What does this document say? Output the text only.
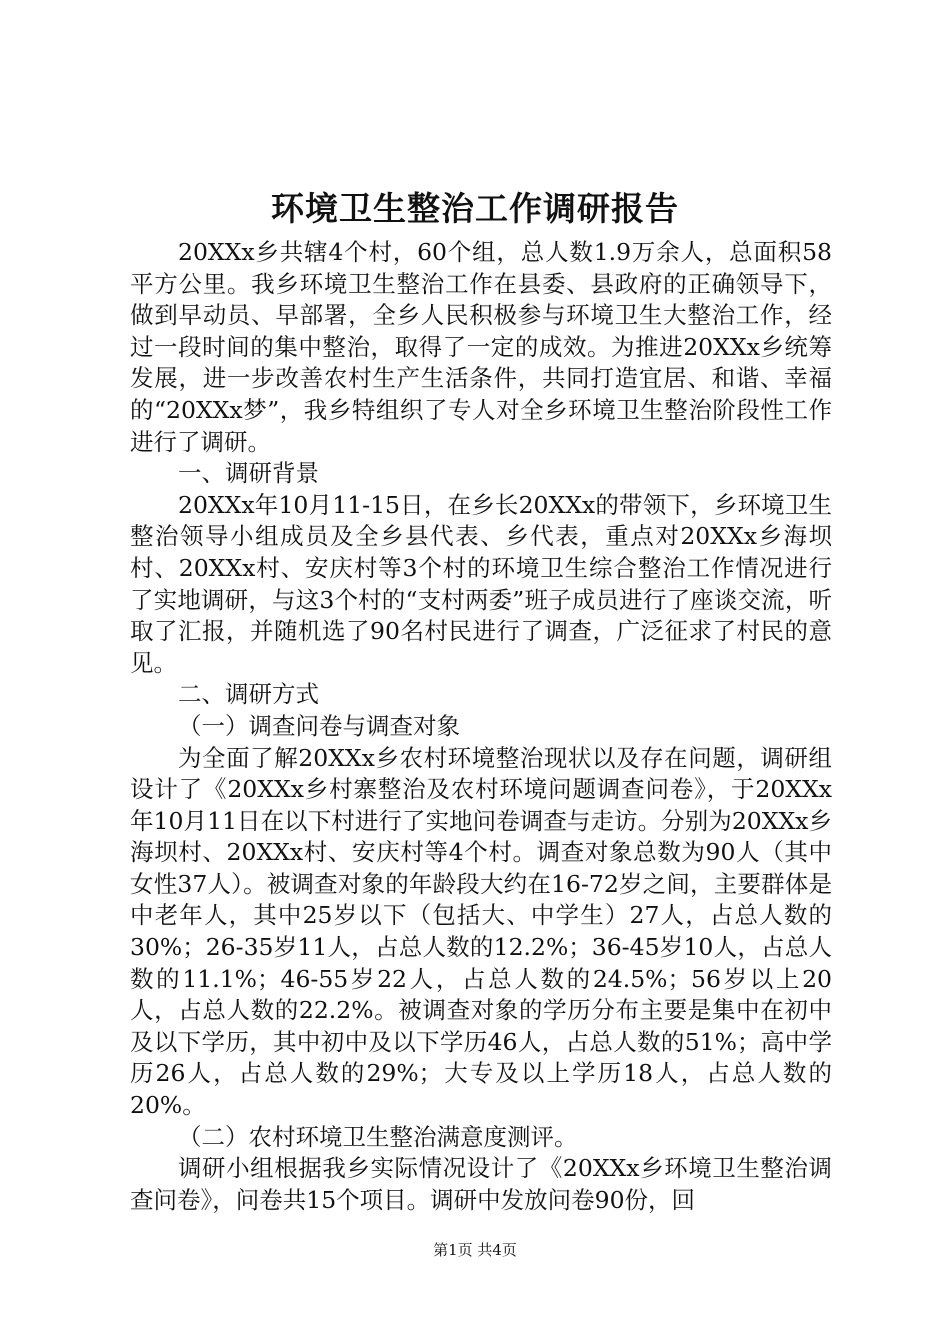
环境卫生整治工作调研报告

20XXx乡共辖4个村，60个组，总人数1.9万余人，总面积58平方公里。我乡环境卫生整治工作在县委、县政府的正确领导下，做到早动员、早部署，全乡人民积极参与环境卫生大整治工作，经过一段时间的集中整治，取得了一定的成效。为推进20XXx乡统筹发展，进一步改善农村生产生活条件，共同打造宜居、和谐、幸福的“20XXx梦”，我乡特组织了专人对全乡环境卫生整治阶段性工作进行了调研。

一、调研背景

20XXx年10月11-15日，在乡长20XXx的带领下，乡环境卫生整治领导小组成员及全乡县代表、乡代表，重点对20XXx乡海坝村、20XXx村、安庆村等3个村的环境卫生综合整治工作情况进行了实地调研，与这3个村的“支村两委”班子成员进行了座谈交流，听取了汇报，并随机选了90名村民进行了调查，广泛征求了村民的意见。

二、调研方式

（一）调查问卷与调查对象

为全面了解20XXx乡农村环境整治现状以及存在问题，调研组设计了《20XXx乡村寨整治及农村环境问题调查问卷》，于20XXx年10月11日在以下村进行了实地问卷调查与走访。分别为20XXx乡海坝村、20XXx村、安庆村等4个村。调查对象总数为90人（其中女性37人）。被调查对象的年龄段大约在16-72岁之间，主要群体是中老年人，其中25岁以下（包括大、中学生）27人，占总人数的30%；26-35岁11人，占总人数的12.2%；36-45岁10人，占总人数的11.1%；46-55岁22人，占总人数的24.5%；56岁以上20人，占总人数的22.2%。被调查对象的学历分布主要是集中在初中及以下学历，其中初中及以下学历46人，占总人数的51%；高中学历26人，占总人数的29%；大专及以上学历18人，占总人数的20%。

（二）农村环境卫生整治满意度测评。

调研小组根据我乡实际情况设计了《20XXx乡环境卫生整治调查问卷》，问卷共15个项目。调研中发放问卷90份，回

第1页 共4页
